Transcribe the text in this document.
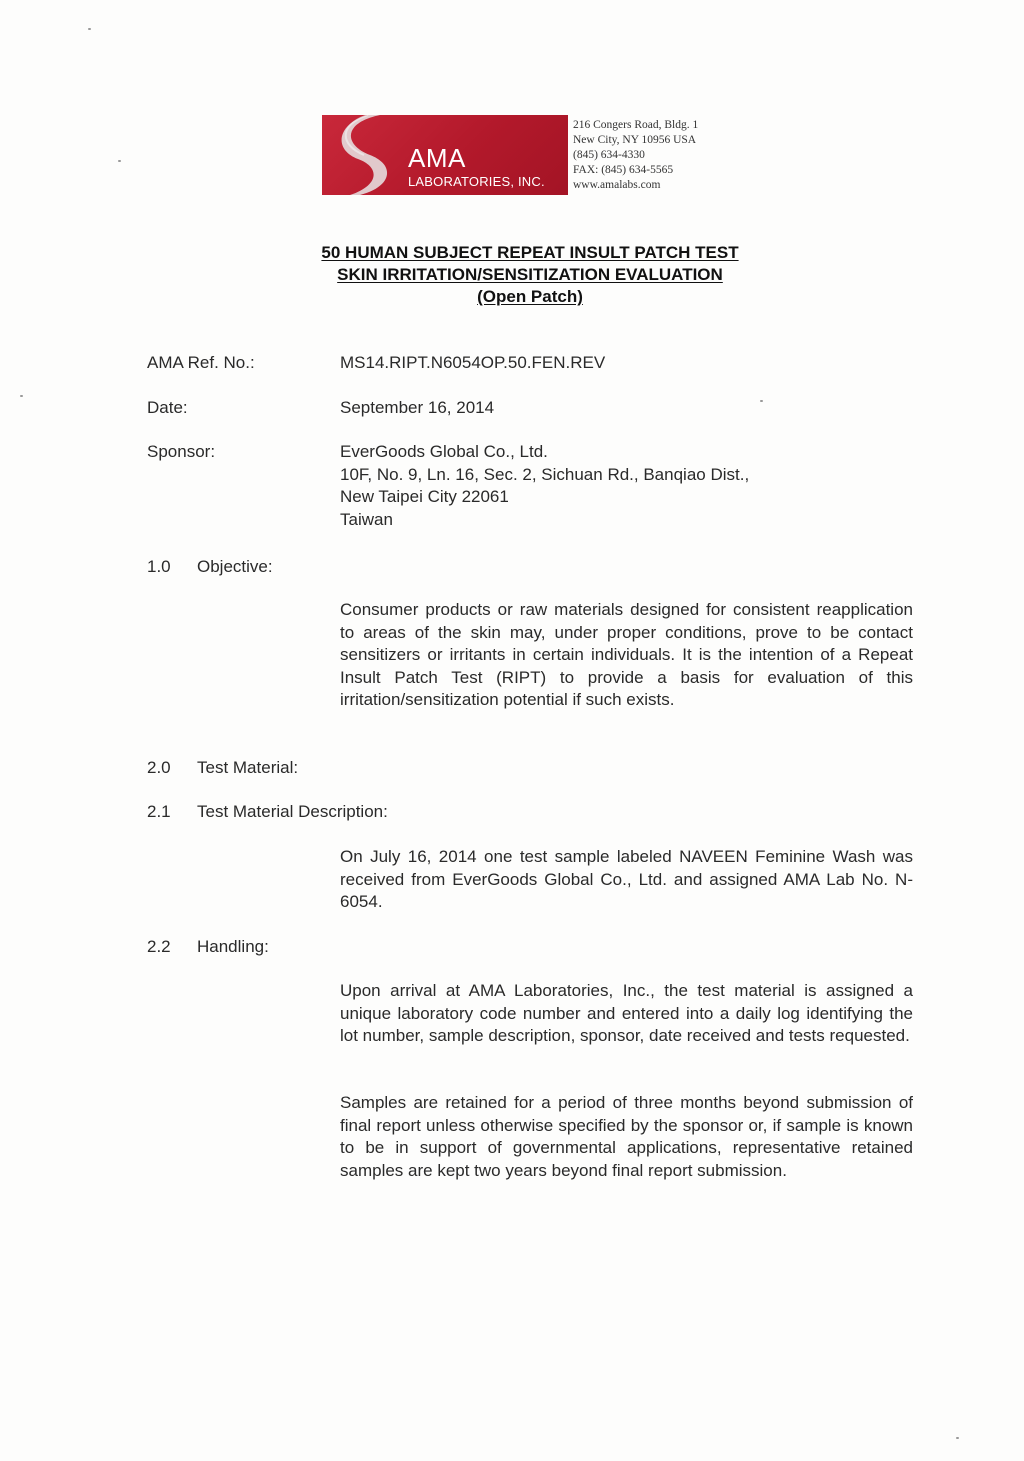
AMA
LABORATORIES, INC.
216 Congers Road, Bldg. 1
New City, NY 10956 USA
(845) 634-4330
FAX: (845) 634-5565
www.amalabs.com
50 HUMAN SUBJECT REPEAT INSULT PATCH TEST
SKIN IRRITATION/SENSITIZATION EVALUATION
(Open Patch)
AMA Ref. No.:	MS14.RIPT.N6054OP.50.FEN.REV
Date:	September 16, 2014
Sponsor:	EverGoods Global Co., Ltd.
10F, No. 9, Ln. 16, Sec. 2, Sichuan Rd., Banqiao Dist.,
New Taipei City 22061
Taiwan
1.0 Objective:
Consumer products or raw materials designed for consistent reapplication to areas of the skin may, under proper conditions, prove to be contact sensitizers or irritants in certain individuals. It is the intention of a Repeat Insult Patch Test (RIPT) to provide a basis for evaluation of this irritation/sensitization potential if such exists.
2.0 Test Material:
2.1 Test Material Description:
On July 16, 2014 one test sample labeled NAVEEN Feminine Wash was received from EverGoods Global Co., Ltd. and assigned AMA Lab No. N-6054.
2.2 Handling:
Upon arrival at AMA Laboratories, Inc., the test material is assigned a unique laboratory code number and entered into a daily log identifying the lot number, sample description, sponsor, date received and tests requested.
Samples are retained for a period of three months beyond submission of final report unless otherwise specified by the sponsor or, if sample is known to be in support of governmental applications, representative retained samples are kept two years beyond final report submission.
